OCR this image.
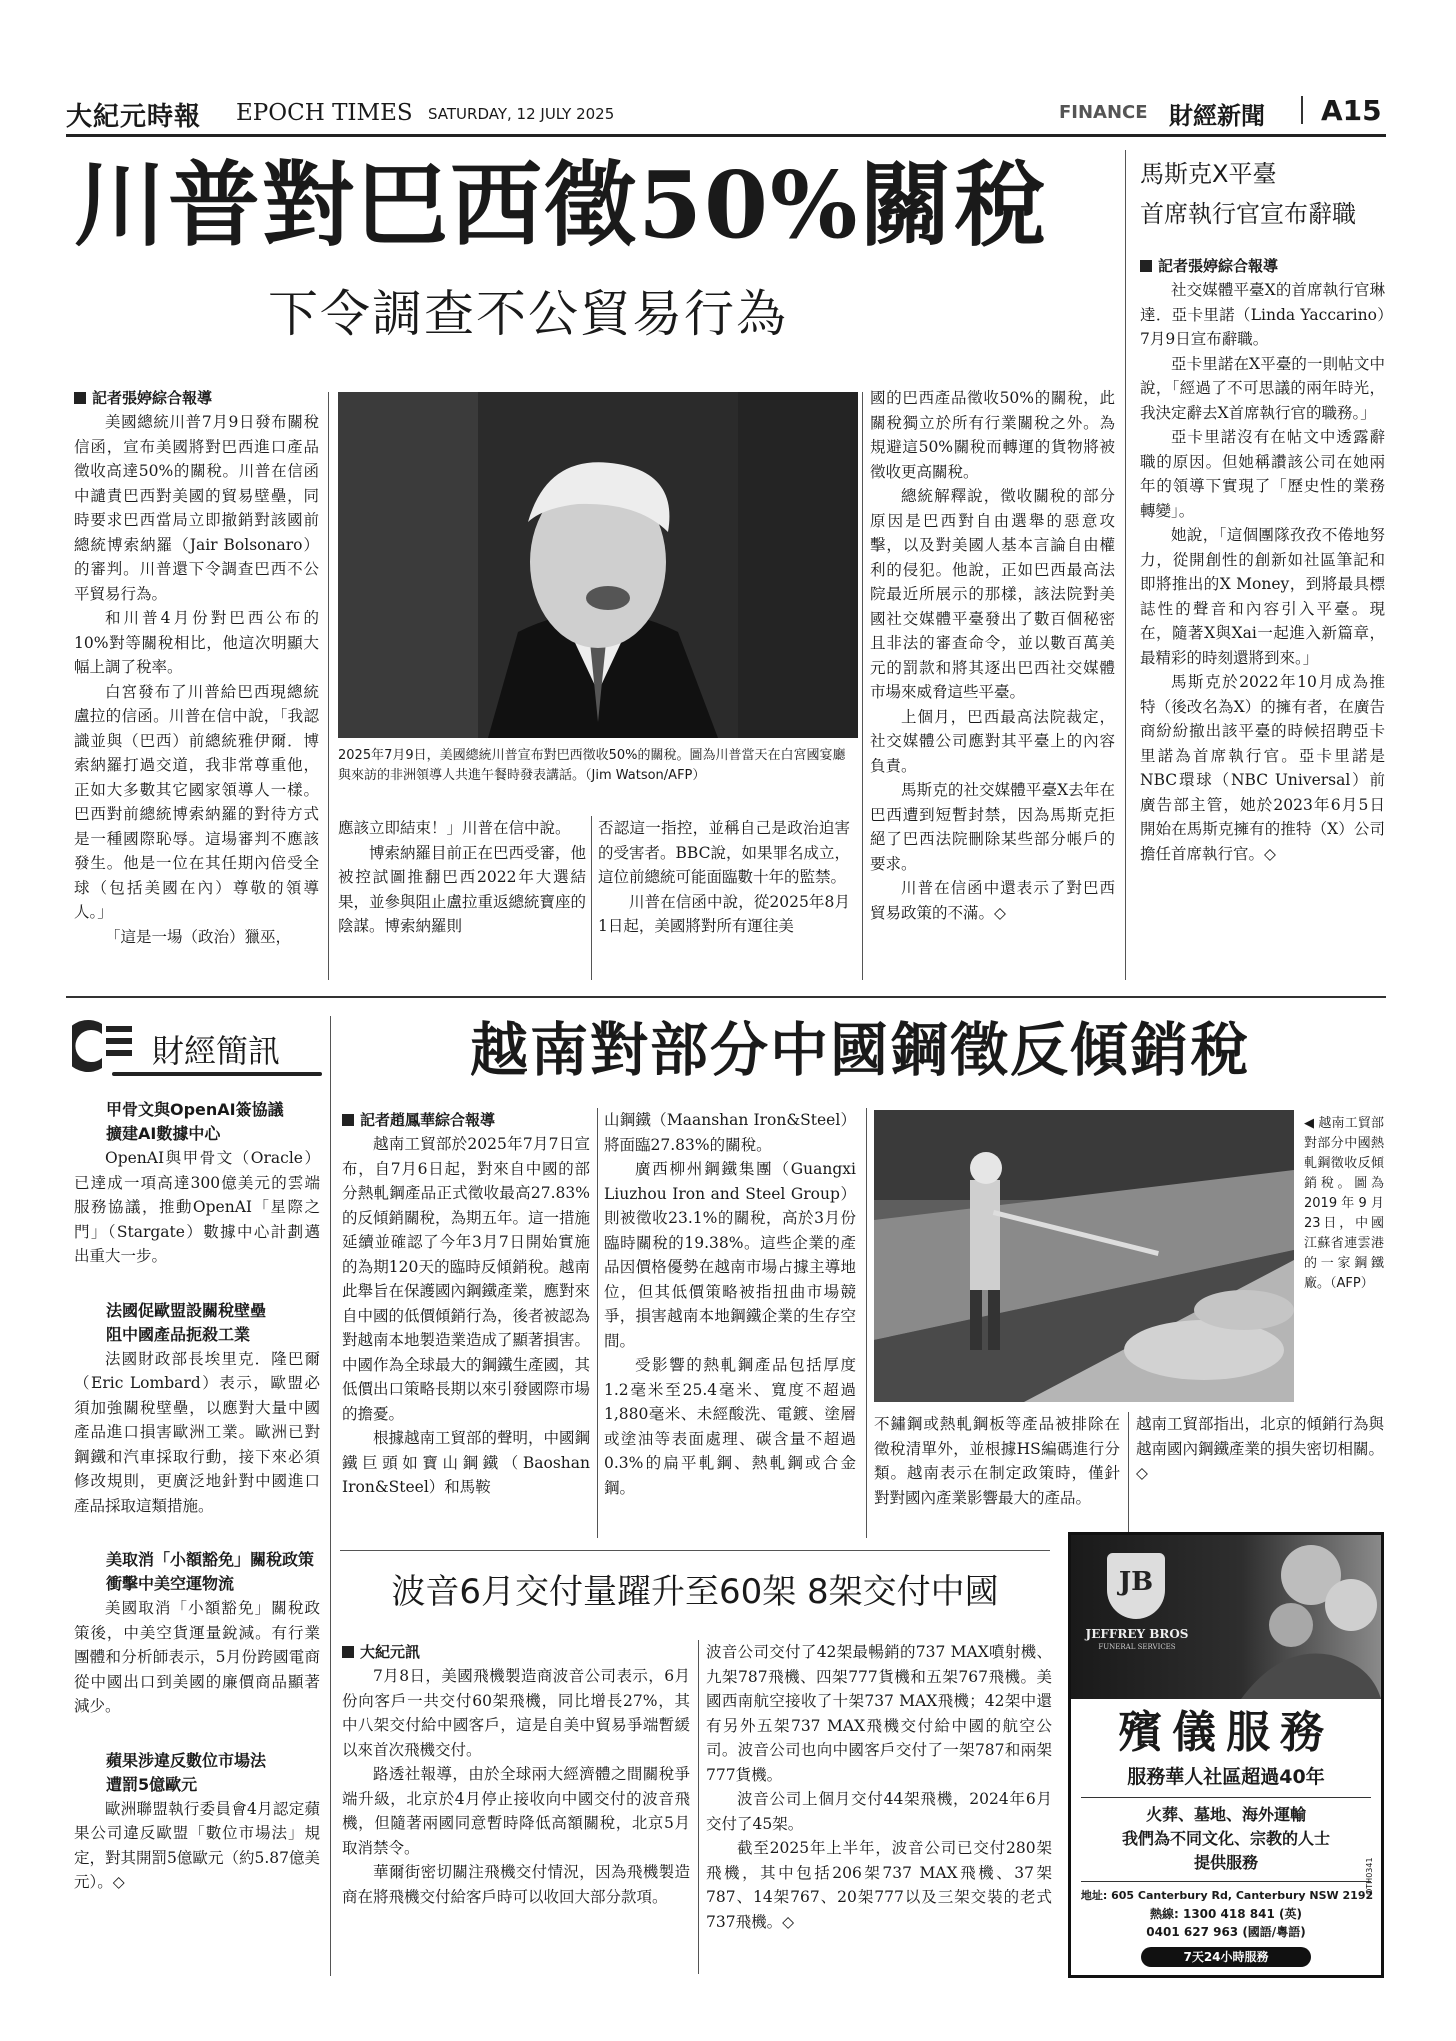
大紀元時報 EPOCH TIMES SATURDAY, 12 JULY 2025	FINANCE 財經新聞 A15
川普對巴西徵50%關稅
下令調查不公貿易行為
馬斯克X平臺
首席執行官宣布辭職
記者張婷綜合報導

社交媒體平臺X的首席執行官琳達．亞卡里諾（Linda Yaccarino）7月9日宣布辭職。

亞卡里諾在X平臺的一則帖文中說，「經過了不可思議的兩年時光，我決定辭去X首席執行官的職務。」

亞卡里諾沒有在帖文中透露辭職的原因。但她稱讚該公司在她兩年的領導下實現了「歷史性的業務轉變」。

她說，「這個團隊孜孜不倦地努力，從開創性的創新如社區筆記和即將推出的X Money，到將最具標誌性的聲音和內容引入平臺。現在，隨著X與Xai一起進入新篇章，最精彩的時刻還將到來。」

馬斯克於2022年10月成為推特（後改名為X）的擁有者，在廣告商紛紛撤出該平臺的時候招聘亞卡里諾為首席執行官。亞卡里諾是NBC環球（NBC Universal）前廣告部主管，她於2023年6月5日開始在馬斯克擁有的推特（X）公司擔任首席執行官。◇

記者張婷綜合報導

美國總統川普7月9日發布關稅信函，宣布美國將對巴西進口產品徵收高達50%的關稅。川普在信函中譴責巴西對美國的貿易壁壘，同時要求巴西當局立即撤銷對該國前總統博索納羅（Jair Bolsonaro）的審判。川普還下令調查巴西不公平貿易行為。

和川普4月份對巴西公布的10%對等關稅相比，他這次明顯大幅上調了稅率。

白宮發布了川普給巴西現總統盧拉的信函。川普在信中說，「我認識並與（巴西）前總統雅伊爾．博索納羅打過交道，我非常尊重他，正如大多數其它國家領導人一樣。巴西對前總統博索納羅的對待方式是一種國際恥辱。這場審判不應該發生。他是一位在其任期內倍受全球（包括美國在內）尊敬的領導人。」

「這是一場（政治）獵巫，

2025年7月9日，美國總統川普宣布對巴西徵收50%的關稅。圖為川普當天在白宮國宴廳與來訪的非洲領導人共進午餐時發表講話。（Jim Watson/AFP）

應該立即結束！」川普在信中說。

博索納羅目前正在巴西受審，他被控試圖推翻巴西2022年大選結果，並參與阻止盧拉重返總統寶座的陰謀。博索納羅則

否認這一指控，並稱自己是政治迫害的受害者。BBC說，如果罪名成立，這位前總統可能面臨數十年的監禁。

川普在信函中說，從2025年8月1日起，美國將對所有運往美

國的巴西產品徵收50%的關稅，此關稅獨立於所有行業關稅之外。為規避這50%關稅而轉運的貨物將被徵收更高關稅。

總統解釋說，徵收關稅的部分原因是巴西對自由選舉的惡意攻擊，以及對美國人基本言論自由權利的侵犯。他說，正如巴西最高法院最近所展示的那樣，該法院對美國社交媒體平臺發出了數百個秘密且非法的審查命令，並以數百萬美元的罰款和將其逐出巴西社交媒體市場來威脅這些平臺。

上個月，巴西最高法院裁定，社交媒體公司應對其平臺上的內容負責。

馬斯克的社交媒體平臺X去年在巴西遭到短暫封禁，因為馬斯克拒絕了巴西法院刪除某些部分帳戶的要求。

川普在信函中還表示了對巴西貿易政策的不滿。◇

財經簡訊

甲骨文與OpenAI簽協議

擴建AI數據中心

OpenAI與甲骨文（Oracle）已達成一項高達300億美元的雲端服務協議，推動OpenAI「星際之門」（Stargate）數據中心計劃邁出重大一步。

法國促歐盟設關稅壁壘

阻中國產品扼殺工業

法國財政部長埃里克．隆巴爾（Eric Lombard）表示，歐盟必須加強關稅壁壘，以應對大量中國產品進口損害歐洲工業。歐洲已對鋼鐵和汽車採取行動，接下來必須修改規則，更廣泛地針對中國進口產品採取這類措施。

美取消「小額豁免」關稅政策

衝擊中美空運物流

美國取消「小額豁免」關稅政策後，中美空貨運量銳減。有行業團體和分析師表示，5月份跨國電商從中國出口到美國的廉價商品顯著減少。

蘋果涉違反數位市場法

遭罰5億歐元

歐洲聯盟執行委員會4月認定蘋果公司違反歐盟「數位市場法」規定，對其開罰5億歐元（約5.87億美元）。◇

越南對部分中國鋼徵反傾銷稅
記者趙鳳華綜合報導

越南工貿部於2025年7月7日宣布，自7月6日起，對來自中國的部分熱軋鋼產品正式徵收最高27.83%的反傾銷關稅，為期五年。這一措施延續並確認了今年3月7日開始實施的為期120天的臨時反傾銷稅。越南此舉旨在保護國內鋼鐵產業，應對來自中國的低價傾銷行為，後者被認為對越南本地製造業造成了顯著損害。中國作為全球最大的鋼鐵生產國，其低價出口策略長期以來引發國際市場的擔憂。

根據越南工貿部的聲明，中國鋼鐵巨頭如寶山鋼鐵（Baoshan Iron&Steel）和馬鞍

山鋼鐵（Maanshan Iron&Steel）將面臨27.83%的關稅。

廣西柳州鋼鐵集團（Guangxi Liuzhou Iron and Steel Group）則被徵收23.1%的關稅，高於3月份臨時關稅的19.38%。這些企業的產品因價格優勢在越南市場占據主導地位，但其低價策略被指扭曲市場競爭，損害越南本地鋼鐵企業的生存空間。

受影響的熱軋鋼產品包括厚度1.2毫米至25.4毫米、寬度不超過1,880毫米、未經酸洗、電鍍、塗層或塗油等表面處理、碳含量不超過0.3%的扁平軋鋼、熱軋鋼或合金鋼。

◀ 越南工貿部對部分中國熱軋鋼徵收反傾銷稅。圖為2019年9月23日，中國江蘇省連雲港的一家鋼鐵廠。（AFP）

不鏽鋼或熱軋鋼板等產品被排除在徵稅清單外，並根據HS編碼進行分類。越南表示在制定政策時，僅針對對國內產業影響最大的產品。

越南工貿部指出，北京的傾銷行為與越南國內鋼鐵產業的損失密切相關。◇

波音6月交付量躍升至60架 8架交付中國
大紀元訊

7月8日，美國飛機製造商波音公司表示，6月份向客戶一共交付60架飛機，同比增長27%，其中八架交付給中國客戶，這是自美中貿易爭端暫緩以來首次飛機交付。

路透社報導，由於全球兩大經濟體之間關稅爭端升級，北京於4月停止接收向中國交付的波音飛機，但隨著兩國同意暫時降低高額關稅，北京5月取消禁令。

華爾街密切關注飛機交付情況，因為飛機製造商在將飛機交付給客戶時可以收回大部分款項。

波音公司交付了42架最暢銷的737 MAX噴射機、九架787飛機、四架777貨機和五架767飛機。美國西南航空接收了十架737 MAX飛機；42架中還有另外五架737 MAX飛機交付給中國的航空公司。波音公司也向中國客戶交付了一架787和兩架777貨機。

波音公司上個月交付44架飛機，2024年6月交付了45架。

截至2025年上半年，波音公司已交付280架飛機，其中包括206架737 MAX飛機、37架787、14架767、20架777以及三架交裝的老式737飛機。◇

JB
JEFFREY BROS
FUNERAL SERVICES
殯儀服務
服務華人社區超過40年
火葬、墓地、海外運輸
我們為不同文化、宗教的人士
提供服務
地址: 605 Canterbury Rd, Canterbury NSW 2192
熱線: 1300 418 841 (英)
0401 627 963 (國語/粵語)
7天24小時服務
OTH0341
